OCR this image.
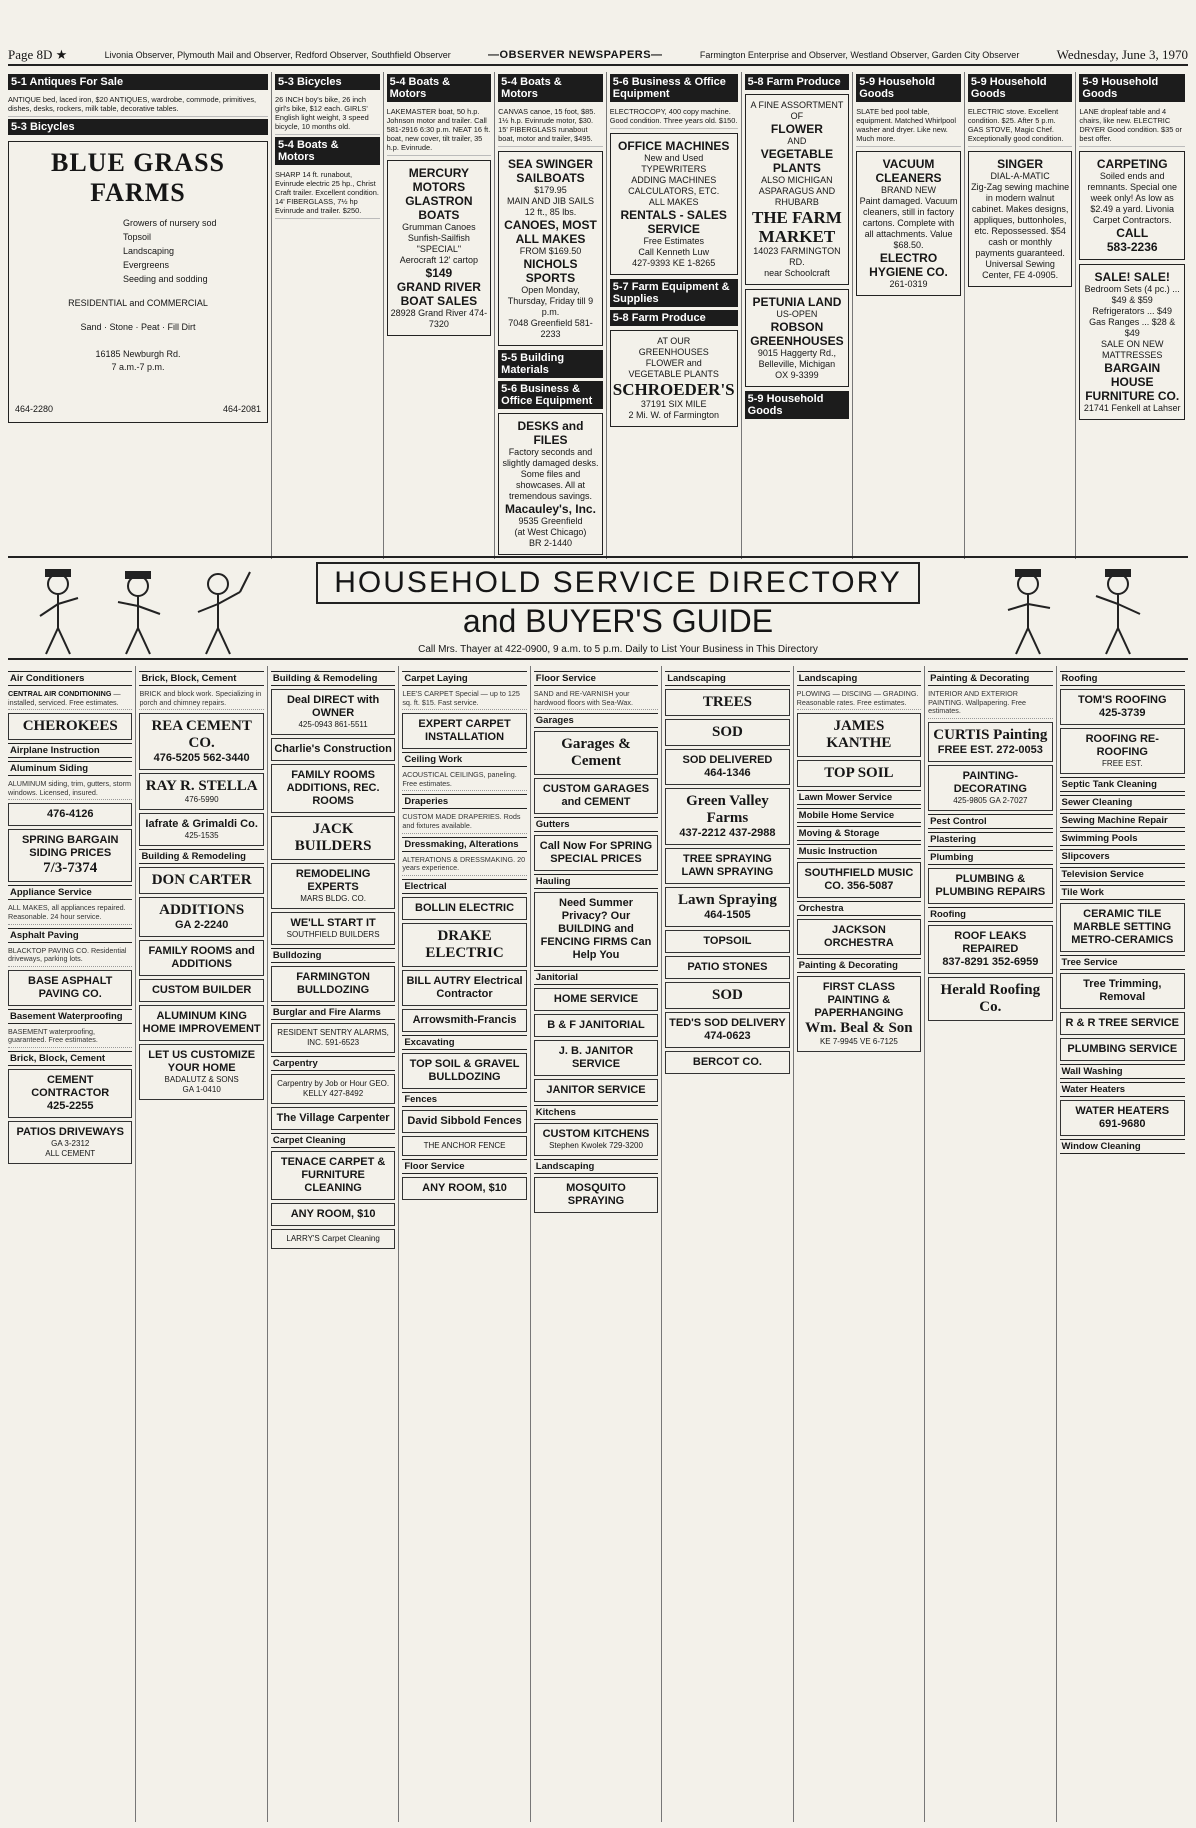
Page 8D ★	Livonia Observer, Plymouth Mail and Observer, Redford Observer, Southfield Observer	—OBSERVER NEWSPAPERS—	Farmington Enterprise and Observer, Westland Observer, Garden City Observer	Wednesday, June 3, 1970
5-1 Antiques For Sale
ANTIQUE bed, laced iron, $20 ANTIQUES, wardrobe, commode, primitives, dishes, desks, rockers, milk table, decorative tables.
5-3 Bicycles
BLUE GRASS
FARMS
Growers of nursery sod
Topsoil
Landscaping
Evergreens
Seeding and sodding
RESIDENTIAL and COMMERCIAL
Sand · Stone · Peat · Fill Dirt
16185 Newburgh Rd.
7 a.m.-7 p.m.
464-2280	464-2081
5-3 Bicycles
26 INCH boy's bike, 26 inch girl's bike, $12 each. GIRLS' English light weight, 3 speed bicycle, 10 months old.
5-4 Boats & Motors
SHARP 14 ft. runabout, Evinrude electric 25 hp., Christ Craft trailer. Excellent condition. 14' FIBERGLASS, 7½ hp Evinrude and trailer. $250.
5-4 Boats & Motors
LAKEMASTER boat, 50 h.p. Johnson motor and trailer. Call 581-2916 6:30 p.m. NEAT 16 ft. boat, new cover, tilt trailer, 35 h.p. Evinrude.
MERCURY MOTORS
GLASTRON BOATS
Grumman Canoes
Sunfish-Sailfish
"SPECIAL"
Aerocraft 12' cartop
$149
GRAND RIVER
BOAT SALES
28928 Grand River 474-7320
5-4 Boats & Motors
CANVAS canoe, 15 foot, $85. 1½ h.p. Evinrude motor, $30. 15' FIBERGLASS runabout boat, motor and trailer, $495.
SEA SWINGER SAILBOATS
$179.95
MAIN AND JIB SAILS
12 ft., 85 lbs.
CANOES, MOST ALL MAKES
FROM $169.50
NICHOLS SPORTS
Open Monday, Thursday, Friday till 9 p.m.
7048 Greenfield 581-2233
5-5 Building Materials
5-6 Business & Office Equipment
DESKS and FILES
Factory seconds and slightly damaged desks. Some files and showcases. All at tremendous savings.
Macauley's, Inc.
9535 Greenfield
(at West Chicago)
BR 2-1440
5-6 Business & Office Equipment
ELECTROCOPY, 400 copy machine. Good condition. Three years old. $150.
OFFICE MACHINES
New and Used
TYPEWRITERS
ADDING MACHINES
CALCULATORS, ETC.
ALL MAKES
RENTALS - SALES
SERVICE
Free Estimates
Call Kenneth Luw
427-9393 KE 1-8265
5-7 Farm Equipment & Supplies
5-8 Farm Produce
AT OUR
GREENHOUSES
FLOWER and
VEGETABLE PLANTS
SCHROEDER'S
37191 SIX MILE
2 Mi. W. of Farmington
5-8 Farm Produce
A FINE ASSORTMENT
OF
FLOWER
AND
VEGETABLE
PLANTS
ALSO MICHIGAN ASPARAGUS AND RHUBARB
THE FARM
MARKET
14023 FARMINGTON RD.
near Schoolcraft
PETUNIA LAND
US-OPEN
ROBSON GREENHOUSES
9015 Haggerty Rd.,
Belleville, Michigan
OX 9-3399
5-9 Household Goods
5-9 Household Goods
SLATE bed pool table, equipment. Matched Whirlpool washer and dryer. Like new. Much more.
VACUUM CLEANERS
BRAND NEW
Paint damaged. Vacuum cleaners, still in factory cartons. Complete with all attachments. Value $68.50.
ELECTRO HYGIENE CO.
261-0319
5-9 Household Goods
ELECTRIC stove. Excellent condition. $25. After 5 p.m. GAS STOVE, Magic Chef. Exceptionally good condition.
SINGER
DIAL-A-MATIC
Zig-Zag sewing machine in modern walnut cabinet. Makes designs, appliques, buttonholes, etc. Repossessed. $54 cash or monthly payments guaranteed. Universal Sewing Center, FE 4-0905.
5-9 Household Goods
LANE dropleaf table and 4 chairs, like new. ELECTRIC DRYER Good condition. $35 or best offer.
CARPETING
Soiled ends and remnants. Special one week only! As low as $2.49 a yard. Livonia Carpet Contractors.
CALL
583-2236
SALE! SALE!
Bedroom Sets (4 pc.) ... $49 & $59
Refrigerators ... $49
Gas Ranges ... $28 & $49
SALE ON NEW MATTRESSES
BARGAIN HOUSE
FURNITURE CO.
21741 Fenkell at Lahser
HOUSEHOLD SERVICE DIRECTORY
and BUYER'S GUIDE
Call Mrs. Thayer at 422-0900, 9 a.m. to 5 p.m. Daily to List Your Business in This Directory
Air Conditioners
CENTRAL AIR CONDITIONING — installed, serviced. Free estimates.
CHEROKEES
Airplane Instruction
Aluminum Siding
ALUMINUM siding, trim, gutters, storm windows. Licensed, insured.
476-4126
SPRING BARGAIN SIDING PRICES
7/3-7374
Appliance Service
ALL MAKES, all appliances repaired. Reasonable. 24 hour service.
Asphalt Paving
BLACKTOP PAVING CO. Residential driveways, parking lots.
BASE ASPHALT PAVING CO.
Basement Waterproofing
BASEMENT waterproofing, guaranteed. Free estimates.
Brick, Block, Cement
CEMENT CONTRACTOR
425-2255
PATIOS DRIVEWAYS
GA 3-2312
ALL CEMENT
Brick, Block, Cement
BRICK and block work. Specializing in porch and chimney repairs.
REA CEMENT CO.
476-5205 562-3440
RAY R. STELLA
476-5990
Iafrate & Grimaldi Co.
425-1535
Building & Remodeling
DON CARTER
ADDITIONS
GA 2-2240
FAMILY ROOMS and ADDITIONS
CUSTOM BUILDER
ALUMINUM KING HOME IMPROVEMENT
LET US CUSTOMIZE YOUR HOME
BADALUTZ & SONS
GA 1-0410
Building & Remodeling
Deal DIRECT with OWNER
425-0943 861-5511
Charlie's Construction
FAMILY ROOMS ADDITIONS, REC. ROOMS
JACK BUILDERS
REMODELING EXPERTS
MARS BLDG. CO.
WE'LL START IT
SOUTHFIELD BUILDERS
Bulldozing
FARMINGTON BULLDOZING
Burglar and Fire Alarms
RESIDENT SENTRY ALARMS, INC. 591-6523
Carpentry
Carpentry by Job or Hour GEO. KELLY 427-8492
The Village Carpenter
Carpet Cleaning
TENACE CARPET & FURNITURE CLEANING
ANY ROOM, $10
LARRY'S Carpet Cleaning
Carpet Laying
LEE'S CARPET Special — up to 125 sq. ft. $15. Fast service.
EXPERT CARPET INSTALLATION
Ceiling Work
ACOUSTICAL CEILINGS, paneling. Free estimates.
Draperies
CUSTOM MADE DRAPERIES. Rods and fixtures available.
Dressmaking, Alterations
ALTERATIONS & DRESSMAKING. 20 years experience.
Electrical
BOLLIN ELECTRIC
DRAKE ELECTRIC
BILL AUTRY Electrical Contractor
Arrowsmith-Francis
Excavating
TOP SOIL & GRAVEL BULLDOZING
Fences
David Sibbold Fences
THE ANCHOR FENCE
Floor Service
ANY ROOM, $10
Floor Service
SAND and RE-VARNISH your hardwood floors with Sea-Wax.
Garages
Garages & Cement
CUSTOM GARAGES and CEMENT
Gutters
Call Now For SPRING SPECIAL PRICES
Hauling
Need Summer Privacy? Our BUILDING and FENCING FIRMS Can Help You
Janitorial
HOME SERVICE
B & F JANITORIAL
J. B. JANITOR SERVICE
JANITOR SERVICE
Kitchens
CUSTOM KITCHENS
Stephen Kwolek 729-3200
Landscaping
MOSQUITO SPRAYING
Landscaping
TREES
SOD
SOD DELIVERED
464-1346
Green Valley Farms
437-2212 437-2988
TREE SPRAYING LAWN SPRAYING
Lawn Spraying
464-1505
TOPSOIL
PATIO STONES
SOD
TED'S SOD DELIVERY
474-0623
BERCOT CO.
Landscaping
PLOWING — DISCING — GRADING. Reasonable rates. Free estimates.
JAMES KANTHE
TOP SOIL
Lawn Mower Service
Mobile Home Service
Moving & Storage
Music Instruction
SOUTHFIELD MUSIC CO. 356-5087
Orchestra
JACKSON ORCHESTRA
Painting & Decorating
FIRST CLASS PAINTING & PAPERHANGING
Wm. Beal & Son
KE 7-9945 VE 6-7125
Painting & Decorating
INTERIOR AND EXTERIOR PAINTING. Wallpapering. Free estimates.
CURTIS Painting
FREE EST. 272-0053
PAINTING-DECORATING
425-9805 GA 2-7027
Pest Control
Plastering
Plumbing
PLUMBING & PLUMBING REPAIRS
Roofing
ROOF LEAKS REPAIRED
837-8291 352-6959
Herald Roofing Co.
Roofing
TOM'S ROOFING
425-3739
ROOFING RE-ROOFING
FREE EST.
Septic Tank Cleaning
Sewer Cleaning
Sewing Machine Repair
Swimming Pools
Slipcovers
Television Service
Tile Work
CERAMIC TILE MARBLE SETTING
METRO-CERAMICS
Tree Service
Tree Trimming, Removal
R & R TREE SERVICE
PLUMBING SERVICE
Wall Washing
Water Heaters
WATER HEATERS
691-9680
Window Cleaning
